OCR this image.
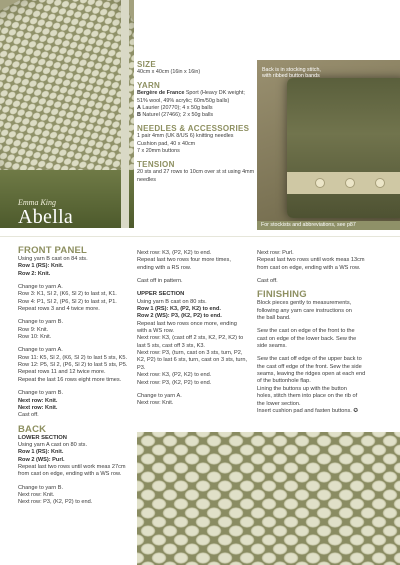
Emma King
Abella
SIZE

40cm x 40cm (16in x 16in)

YARN

Bergère de France Sport (Heavy DK weight; 51% wool, 49% acrylic; 60m/50g balls)
A Laurier (20770); 4 x 50g balls
B Naturel (27466); 2 x 50g balls

NEEDLES & ACCESSORIES

1 pair 4mm (UK 8/US 6) knitting needles
Cushion pad, 40 x 40cm
7 x 20mm buttons

TENSION

20 sts and 27 rows to 10cm over st st using 4mm needles

Back is in stocking stitch, with ribbed button bands
For stockists and abbreviations, see p87
FRONT PANEL

Using yarn B cast on 84 sts.

Row 1 (RS): Knit.

Row 2: Knit.

Change to yarn A.

Row 3: K1, Sl 2, (K6, Sl 2) to last st, K1.

Row 4: P1, Sl 2, (P6, Sl 2) to last st, P1.

Repeat rows 3 and 4 twice more.

Change to yarn B.

Row 9: Knit.

Row 10: Knit.

Change to yarn A.

Row 11: K5, Sl 2, (K6, Sl 2) to last 5 sts, K5.

Row 12: P5, Sl 2, (P6, Sl 2) to last 5 sts, P5.

Repeat rows 11 and 12 twice more.

Repeat the last 16 rows eight more times.

Change to yarn B.

Next row: Knit.

Next row: Knit.

Cast off.

BACK
LOWER SECTION

Using yarn A cast on 80 sts.

Row 1 (RS): Knit.

Row 2 (WS): Purl.

Repeat last two rows until work meas 27cm

from cast on edge, ending with a WS row.

Change to yarn B.

Next row: Knit.

Next row: P3, (K2, P2) to end.

Next row: K3, (P2, K2) to end.

Repeat last two rows four more times,

ending with a RS row.

Cast off in pattern.

UPPER SECTION

Using yarn B cast on 80 sts.

Row 1 (RS): K3, (P2, K2) to end.

Row 2 (WS): P3, (K2, P2) to end.

Repeat last two rows once more, ending

with a WS row.

Next row: K3, (cast off 2 sts, K2, P2, K2) to

last 5 sts, cast off 3 sts, K3.

Next row: P3, (turn, cast on 3 sts, turn, P2,

K2, P2) to last 6 sts, turn, cast on 3 sts, turn,

P3.

Next row: K3, (P2, K2) to end.

Next row: P3, (K2, P2) to end.

Change to yarn A.

Next row: Knit.

Next row: Purl.

Repeat last two rows until work meas 13cm

from cast on edge, ending with a WS row.

Cast off.

FINISHING

Block pieces gently to measurements,

following any yarn care instructions on

the ball band.

Sew the cast on edge of the front to the

cast on edge of the lower back. Sew the

side seams.

Sew the cast off edge of the upper back to

the cast off edge of the front. Sew the side

seams, leaving the ridges open at each end

of the buttonhole flap.

Lining the buttons up with the button

holes, stitch them into place on the rib of

the lower section.

Insert cushion pad and fasten buttons. ✪
